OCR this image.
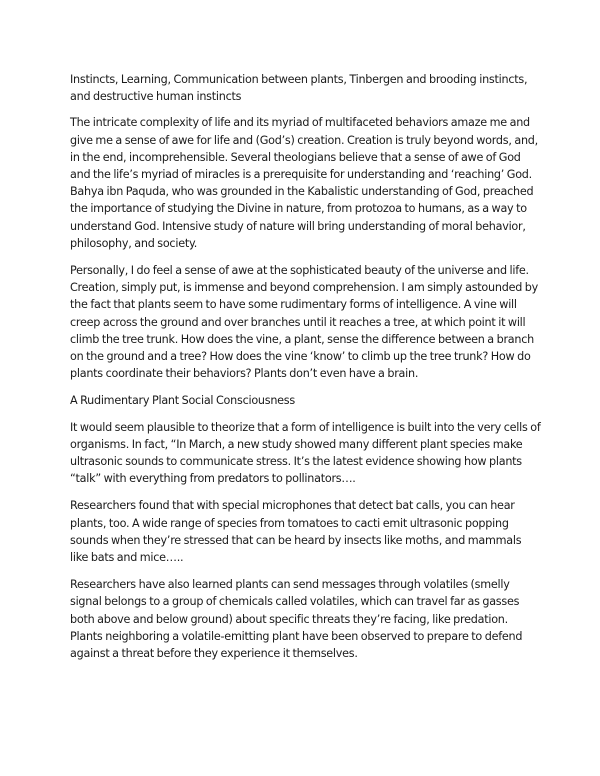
Instincts, Learning, Communication between plants, Tinbergen and brooding instincts, and destructive human instincts

The intricate complexity of life and its myriad of multifaceted behaviors amaze me and give me a sense of awe for life and (God’s) creation. Creation is truly beyond words, and, in the end, incomprehensible. Several theologians believe that a sense of awe of God and the life’s myriad of miracles is a prerequisite for understanding and ‘reaching’ God. Bahya ibn Paquda, who was grounded in the Kabalistic understanding of God, preached the importance of studying the Divine in nature, from protozoa to humans, as a way to understand God. Intensive study of nature will bring understanding of moral behavior, philosophy, and society.

Personally, I do feel a sense of awe at the sophisticated beauty of the universe and life. Creation, simply put, is immense and beyond comprehension. I am simply astounded by the fact that plants seem to have some rudimentary forms of intelligence. A vine will creep across the ground and over branches until it reaches a tree, at which point it will climb the tree trunk. How does the vine, a plant, sense the difference between a branch on the ground and a tree? How does the vine ‘know’ to climb up the tree trunk? How do plants coordinate their behaviors? Plants don’t even have a brain.

A Rudimentary Plant Social Consciousness

It would seem plausible to theorize that a form of intelligence is built into the very cells of organisms. In fact, “In March, a new study showed many different plant species make ultrasonic sounds to communicate stress. It’s the latest evidence showing how plants “talk” with everything from predators to pollinators….

Researchers found that with special microphones that detect bat calls, you can hear plants, too. A wide range of species from tomatoes to cacti emit ultrasonic popping sounds when they’re stressed that can be heard by insects like moths, and mammals like bats and mice…..

Researchers have also learned plants can send messages through volatiles (smelly signal belongs to a group of chemicals called volatiles, which can travel far as gasses both above and below ground) about specific threats they’re facing, like predation. Plants neighboring a volatile-emitting plant have been observed to prepare to defend against a threat before they experience it themselves.
